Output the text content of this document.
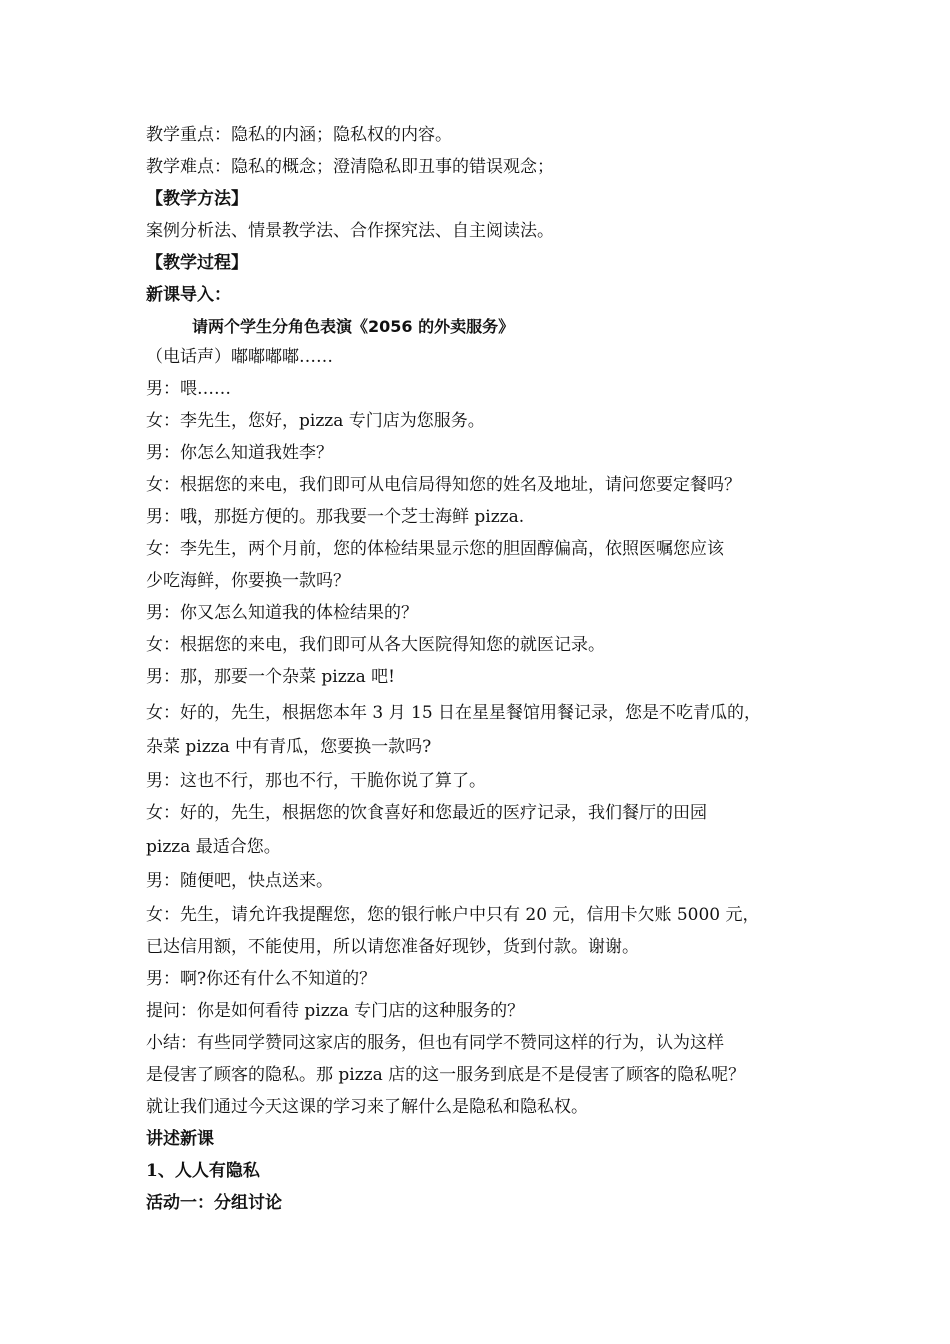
教学重点：隐私的内涵；隐私权的内容。
教学难点：隐私的概念；澄清隐私即丑事的错误观念；
【教学方法】
案例分析法、情景教学法、合作探究法、自主阅读法。
【教学过程】
新课导入：
请两个学生分角色表演《2056 的外卖服务》
（电话声）嘟嘟嘟嘟……
男：喂……
女：李先生，您好，pizza 专门店为您服务。
男：你怎么知道我姓李？
女：根据您的来电，我们即可从电信局得知您的姓名及地址，请问您要定餐吗？
男：哦，那挺方便的。那我要一个芝士海鲜 pizza.
女：李先生，两个月前，您的体检结果显示您的胆固醇偏高，依照医嘱您应该
少吃海鲜，你要换一款吗？
男：你又怎么知道我的体检结果的？
女：根据您的来电，我们即可从各大医院得知您的就医记录。
男：那，那要一个杂菜 pizza 吧!
女：好的，先生，根据您本年 3 月 15 日在星星餐馆用餐记录，您是不吃青瓜的，
杂菜 pizza 中有青瓜，您要换一款吗?
男：这也不行，那也不行，干脆你说了算了。
女：好的，先生，根据您的饮食喜好和您最近的医疗记录，我们餐厅的田园
pizza 最适合您。
男：随便吧，快点送来。
女：先生，请允许我提醒您，您的银行帐户中只有 20 元，信用卡欠账 5000 元，
已达信用额，不能使用，所以请您准备好现钞，货到付款。谢谢。
男：啊?你还有什么不知道的？
提问：你是如何看待 pizza 专门店的这种服务的？
小结：有些同学赞同这家店的服务，但也有同学不赞同这样的行为，认为这样
是侵害了顾客的隐私。那 pizza 店的这一服务到底是不是侵害了顾客的隐私呢？
就让我们通过今天这课的学习来了解什么是隐私和隐私权。
讲述新课
1、人人有隐私
活动一：分组讨论
